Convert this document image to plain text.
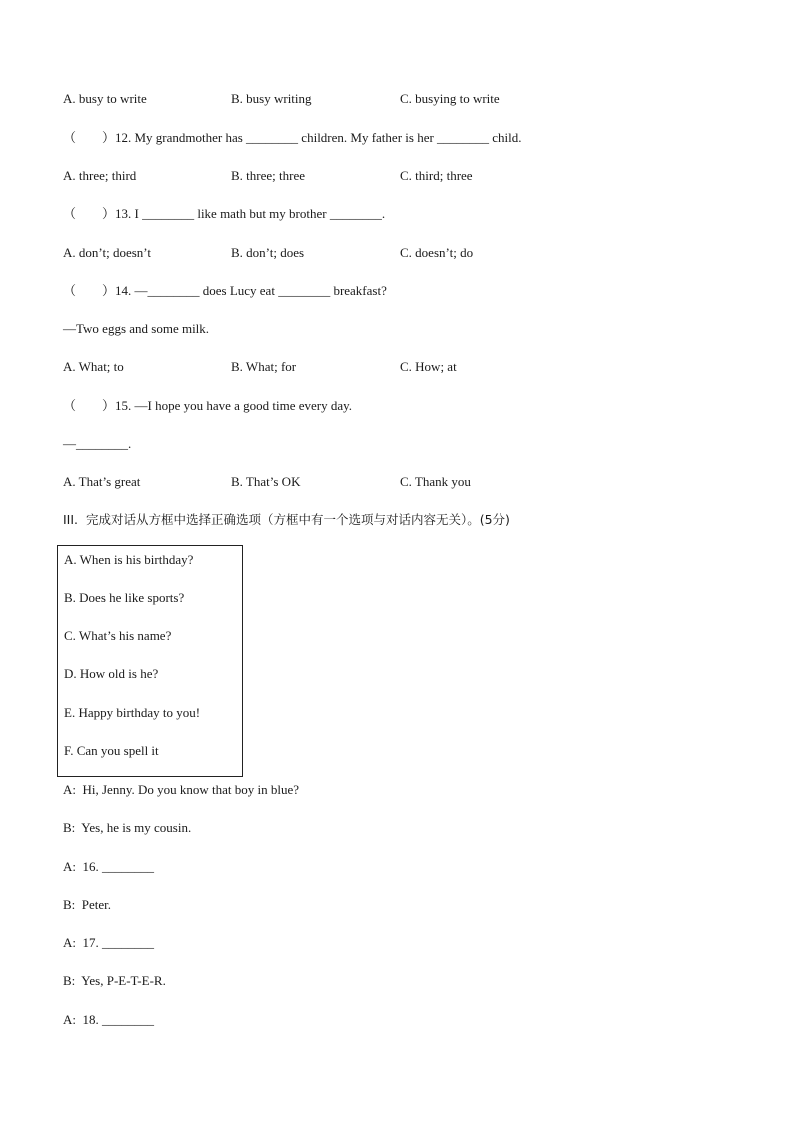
A. busy to write	B. busy writing	C. busying to write
（        ）12. My grandmother has ________ children. My father is her ________ child.
A. three; third	B. three; three	C. third; three
（        ）13. I ________ like math but my brother ________.
A. don’t; doesn’t	B. don’t; does	C. doesn’t; do
（        ）14. —________ does Lucy eat ________ breakfast?
—Two eggs and some milk.
A. What; to	B. What; for	C. How; at
（        ）15. —I hope you have a good time every day.
—________.
A. That’s great	B. That’s OK	C. Thank you
III.  完成对话从方框中选择正确选项（方框中有一个选项与对话内容无关）。(5分)
A. When is his birthday?
B. Does he like sports?
C. What’s his name?
D. How old is he?
E. Happy birthday to you!
F. Can you spell it
A:  Hi, Jenny. Do you know that boy in blue?
B:  Yes, he is my cousin.
A:  16. ________
B:  Peter.
A:  17. ________
B:  Yes, P-E-T-E-R.
A:  18. ________
